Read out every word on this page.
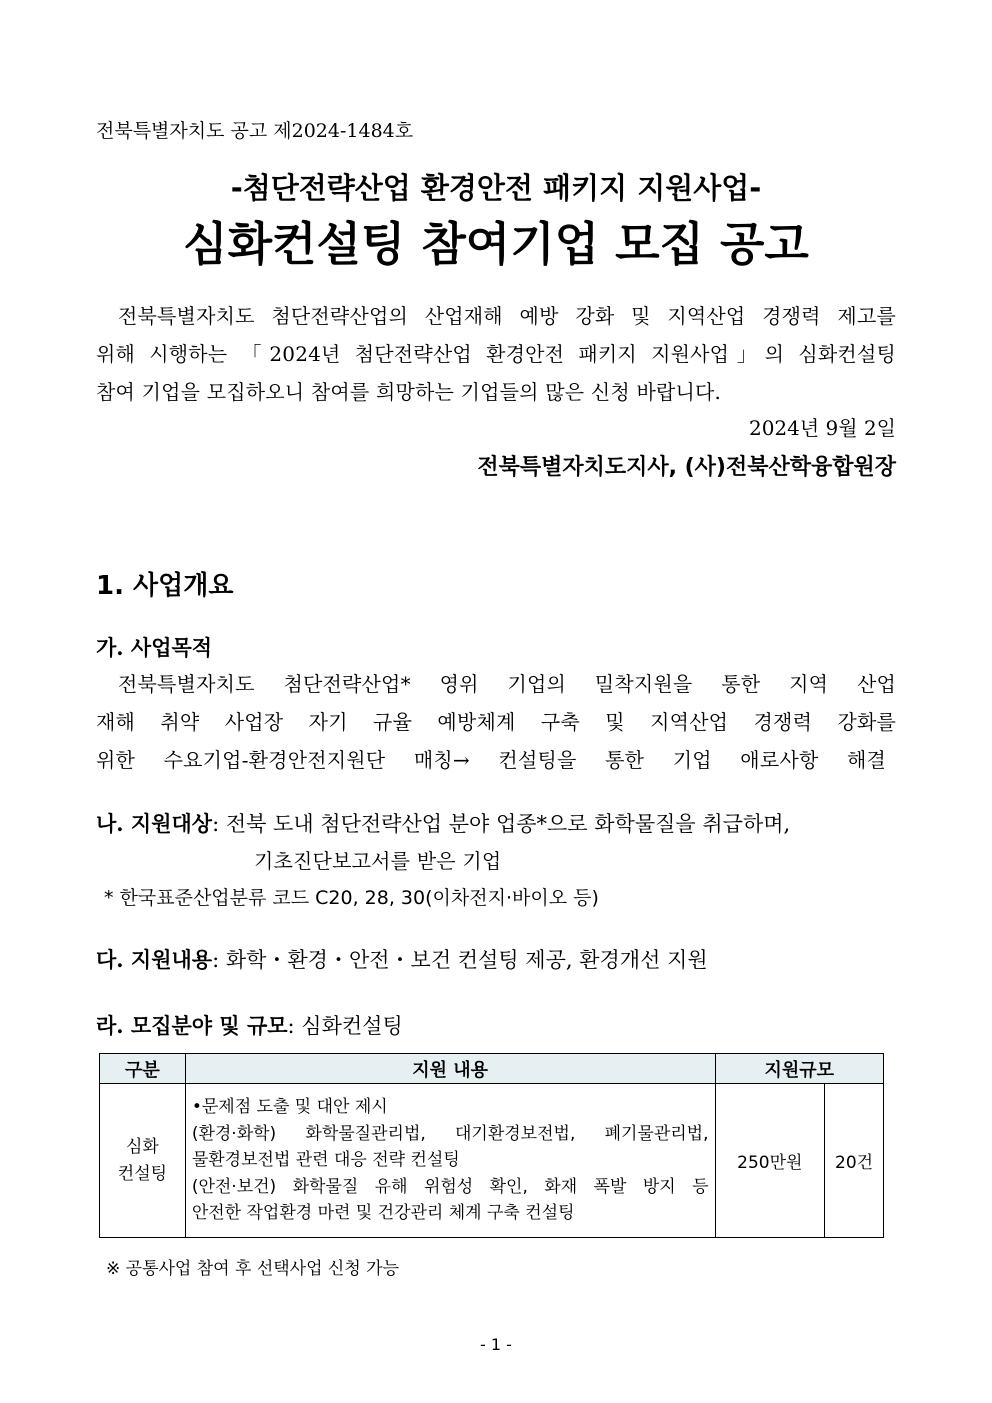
전북특별자치도 공고 제2024-1484호
-첨단전략산업 환경안전 패키지 지원사업-
심화컨설팅 참여기업 모집 공고
전북특별자치도 첨단전략산업의 산업재해 예방 강화 및 지역산업 경쟁력 제고를
위해 시행하는 「2024년 첨단전략산업 환경안전 패키지 지원사업」의 심화컨설팅
참여 기업을 모집하오니 참여를 희망하는 기업들의 많은 신청 바랍니다.
2024년 9월 2일
전북특별자치도지사, (사)전북산학융합원장
1. 사업개요
가. 사업목적
전북특별자치도 첨단전략산업* 영위 기업의 밀착지원을 통한 지역 산업
재해 취약 사업장 자기 규율 예방체계 구축 및 지역산업 경쟁력 강화를
위한 수요기업-환경안전지원단 매칭→ 컨설팅을 통한 기업 애로사항 해결
나. 지원대상: 전북 도내 첨단전략산업 분야 업종*으로 화학물질을 취급하며,
기초진단보고서를 받은 기업
* 한국표준산업분류 코드 C20, 28, 30(이차전지·바이오 등)
다. 지원내용: 화학・환경・안전・보건 컨설팅 제공, 환경개선 지원
라. 모집분야 및 규모: 심화컨설팅
구분	지원 내용	지원규모	

심화
컨설팅	•문제점 도출 및 대안 제시
(환경·화학) 화학물질관리법, 대기환경보전법, 폐기물관리법,
물환경보전법 관련 대응 전략 컨설팅
(안전·보건) 화학물질 유해 위험성 확인, 화재 폭발 방지 등
안전한 작업환경 마련 및 건강관리 체계 구축 컨설팅	250만원	20건
※ 공통사업 참여 후 선택사업 신청 가능
- 1 -
